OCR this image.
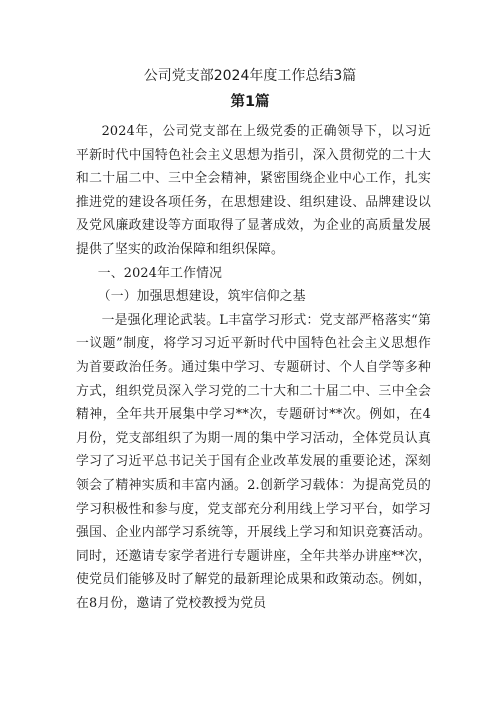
公司党支部2024年度工作总结3篇
第1篇

2024年，公司党支部在上级党委的正确领导下，以习近平新时代中国特色社会主义思想为指引，深入贯彻党的二十大和二十届二中、三中全会精神，紧密围绕企业中心工作，扎实推进党的建设各项任务，在思想建设、组织建设、品牌建设以及党风廉政建设等方面取得了显著成效，为企业的高质量发展提供了坚实的政治保障和组织保障。

一、2024年工作情况

（一）加强思想建设，筑牢信仰之基

一是强化理论武装。L丰富学习形式：党支部严格落实“第一议题”制度，将学习习近平新时代中国特色社会主义思想作为首要政治任务。通过集中学习、专题研讨、个人自学等多种方式，组织党员深入学习党的二十大和二十届二中、三中全会精神，全年共开展集中学习**次，专题研讨**次。例如，在4月份，党支部组织了为期一周的集中学习活动，全体党员认真学习了习近平总书记关于国有企业改革发展的重要论述，深刻领会了精神实质和丰富内涵。2.创新学习载体：为提高党员的学习积极性和参与度，党支部充分利用线上学习平台，如学习强国、企业内部学习系统等，开展线上学习和知识竞赛活动。同时，还邀请专家学者进行专题讲座，全年共举办讲座**次，使党员们能够及时了解党的最新理论成果和政策动态。例如，在8月份，邀请了党校教授为党员
